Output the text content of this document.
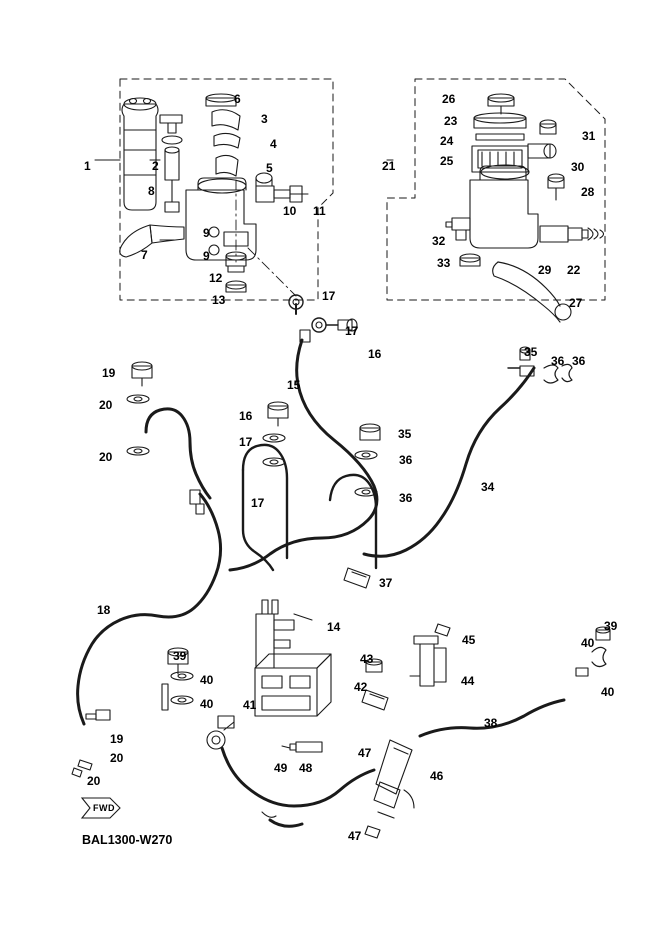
FWD
BAL1300-W270
1	2
3
4
5
6
7
8
9
9
10 11
12
13
14
15
16
16
17
17
17
17
18
19
19
20
20
20
20
21
22
23
24
25
26
27
28
29
30
31
32
33
34
35
35
36 36
36
36
37
38
39
39
40
40
40
40
41
42
43
44
45
46
47
47
48
49
